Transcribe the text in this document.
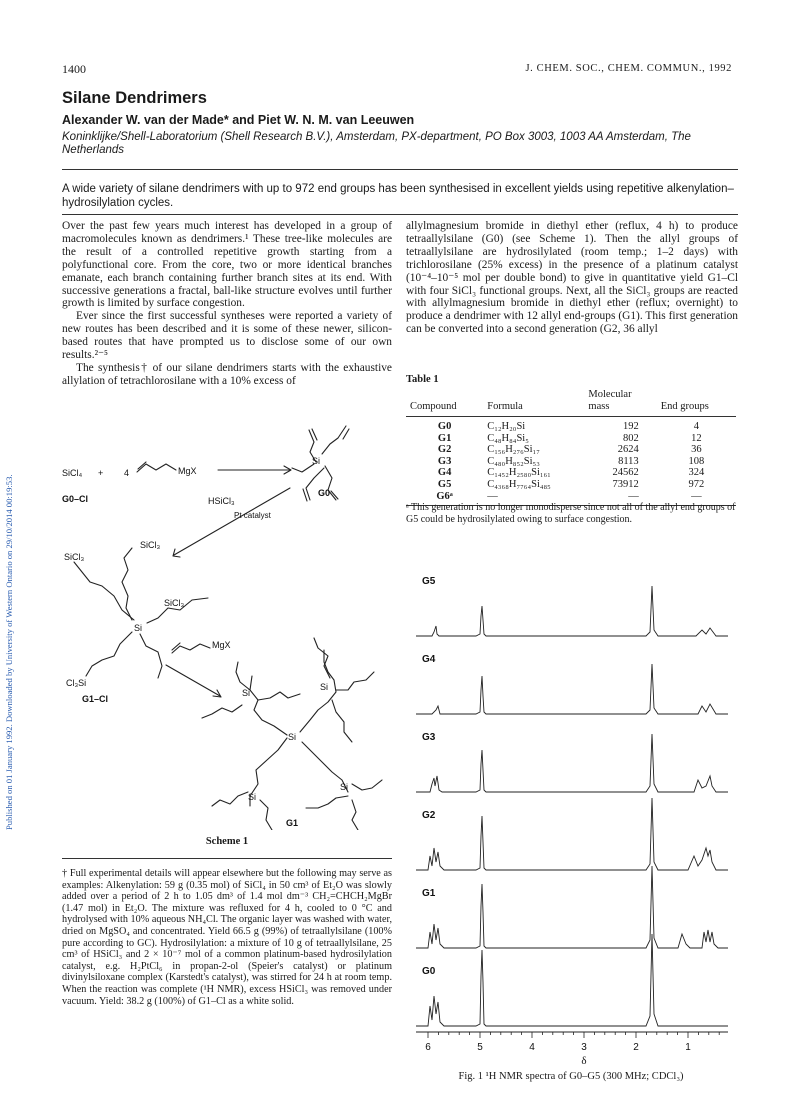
Published on 01 January 1992. Downloaded by University of Western Ontario on 29/10/2014 00:19:53.
1400	J. CHEM. SOC., CHEM. COMMUN., 1992
Silane Dendrimers
Alexander W. van der Made* and Piet W. N. M. van Leeuwen
Koninklijke/Shell-Laboratorium (Shell Research B.V.), Amsterdam, PX-department, PO Box 3003, 1003 AA Amsterdam, The Netherlands
A wide variety of silane dendrimers with up to 972 end groups has been synthesised in excellent yields using repetitive alkenylation–hydrosilylation cycles.

Over the past few years much interest has developed in a group of macromolecules known as dendrimers.¹ These tree-like molecules are the result of a controlled repetitive growth starting from a polyfunctional core. From the core, two or more identical branches emanate, each branch containing further branch sites at its end. With successive generations a fractal, ball-like structure evolves until further growth is limited by surface congestion.

Ever since the first successful syntheses were reported a variety of new routes has been described and it is some of these newer, silicon-based routes that have prompted us to disclose some of our own results.²⁻⁵

The synthesis† of our silane dendrimers starts with the exhaustive allylation of tetrachlorosilane with a 10% excess of

allylmagnesium bromide in diethyl ether (reflux, 4 h) to produce tetraallylsilane (G0) (see Scheme 1). Then the allyl groups of tetraallylsilane are hydrosilylated (room temp.; 1–2 days) with trichlorosilane (25% excess) in the presence of a platinum catalyst (10⁻⁴–10⁻⁵ mol per double bond) to give in quantitative yield G1–Cl with four SiCl₃ functional groups. Next, all the SiCl₃ groups are reacted with allylmagnesium bromide in diethyl ether (reflux; overnight) to produce a dendrimer with 12 allyl end-groups (G1). This first generation can be converted into a second generation (G2, 36 allyl

Table 1
Compound	Formula	Molecular
mass	End groups
G0	C₁₂H₂₀Si	192	4
G1	C₄₈H₈₄Si₅	802	12
G2	C₁₅₆H₂₇₆Si₁₇	2624	36
G3	C₄₈₀H₈₅₂Si₅₃	8113	108
G4	C₁₄₅₂H₂₅₈₀Si₁₆₁	24562	324
G5	C₄₃₆₈H₇₇₆₄Si₄₈₅	73912	972
G6ᵃ	—	—	—
ᵃ This generation is no longer monodisperse since not all of the allyl end groups of G5 could be hydrosilylated owing to surface congestion.
SiCl₄ + 4	MgX
Si
G0–Cl
G0
HSiCl₃
Pt catalyst
SiCl₃
SiCl₃
Si
SiCl₃
Cl₃Si
G1–Cl
MgX
Si
Si
Si
Si
Si
G1
Scheme 1
† Full experimental details will appear elsewhere but the following may serve as examples: Alkenylation: 59 g (0.35 mol) of SiCl₄ in 50 cm³ of Et₂O was slowly added over a period of 2 h to 1.05 dm³ of 1.4 mol dm⁻³ CH₂=CHCH₂MgBr (1.47 mol) in Et₂O. The mixture was refluxed for 4 h, cooled to 0 °C and hydrolysed with 10% aqueous NH₄Cl. The organic layer was washed with water, dried on MgSO₄ and concentrated. Yield 66.5 g (99%) of tetraallylsilane (100% pure according to GC). Hydrosilylation: a mixture of 10 g of tetraallylsilane, 25 cm³ of HSiCl₃ and 2 × 10⁻⁷ mol of a common platinum-based hydrosilylation catalyst, e.g. H₂PtCl₆ in propan-2-ol (Speier's catalyst) or platinum divinylsiloxane complex (Karstedt's catalyst), was stirred for 24 h at room temp. When the reaction was complete (¹H NMR), excess HSiCl₃ was removed under vacuum. Yield: 38.2 g (100%) of G1–Cl as a white solid.
G5
G4
G3
G2
G1
G0
6	5	4	3	2	1
δ
Fig. 1 ¹H NMR spectra of G0–G5 (300 MHz; CDCl₃)
